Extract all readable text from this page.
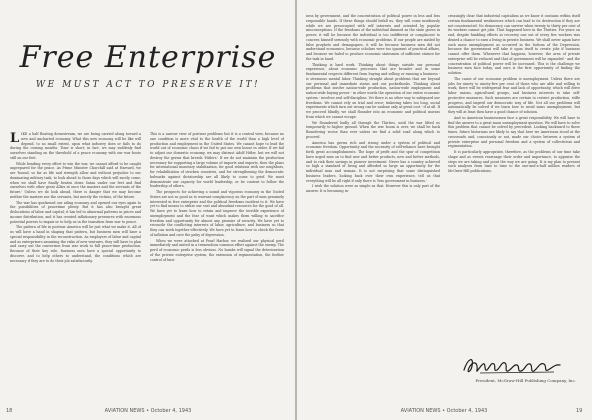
Free Enterprise
WE MUST ACT TO PRESERVE IT!

LIKE a half floating downstream, we are being carried along toward a new and uncharted economy. What this new economy will be like will depend, to no small extent, upon what industry does or fails to do during the coming months. Time is short; in fact, we may suddenly find ourselves standing on the threshold of a peace economy with our war boots still on our feet.

While bending every effort to win the war, we cannot afford to be caught unprepared for the peace. As Prime Minister Churchill said at Harvard, we are 'bound, so far as life and strength allow and without prejudice to our dominating military task, to look ahead to those days which will surely come, when we shall have finally beaten down Satan under our feet and find ourselves with other great Allies at once the masters and the servants of the future.' Unless we do look ahead, there is danger that we may become neither the masters nor the servants, but merely the victims, of the future.

The war has quickened our ailing economy and opened our eyes again to the possibilities of peacetime plenty. But it has also brought great dislocations of labor and capital; it has led to abnormal patterns in prices and income distribution; and it has created inflationary pressures with enormous potential powers to impair or to help us in the transition from war to peace.

The pattern of life in postwar America will be just what we make it. All of us will have a hand in shaping that pattern, but business men will have a special responsibility in the reconstruction. As employers of labor and capital and as enterprisers assuming the risks of new ventures, they will have to plan and carry out the conversion from war work to full peace-time production. Because of their key role, business men have a special opportunity to discover, and to help others to understand, the conditions which are necessary if they are to do their job satisfactorily.

This is a narrow view of postwar problems but it is a central view, because no one condition is more vital to the health of the world than a high level of production and employment in the United States. We cannot hope to lead the world out of economic chaos if we fail to put our own house in order. If we fail to adjust our domestic economy, we may distrust Adolf Hitler, but we will not destroy the germs that breeds 'Hitlers.' If we do not maintain the production necessary for supporting a large volume of imports and exports, then the plans for international monetary stabilization, for good relations with our neighbors, for rehabilitation of stricken countries, and for strengthening the democratic bulwarks against dictatorship are all likely to come to grief. We must demonstrate our capacity for world leadership, or be content to follow the leadership of others.

The prospects for achieving a sound and vigorous economy in the United States are not so good as to warrant complacency on the part of men genuinely interested in free enterprise and the political freedoms incident to it. We have yet to find means to utilize our vast and abundant resources for the good of all. We have yet to learn how to retain and improve the terrible experience of unemployment and the fear of want which makes them willing to sacrifice freedom and opportunity for almost any promise of security. We have yet to reconcile the conflicting interests of labor, agriculture, and business so that they can work together effectively. We have yet to learn how to check the fever of inflation and cure the palsy of depression.

When we were attacked at Pearl Harbor, we realized our physical peril immediately and united in a tremendous common effort against the enemy. The peril of economic perils is less obvious. No bombs will signal the deterioration of the private enterprise system, the extension of regimentation, the further control of busi-

ness by government, and the concentration of political power in less and less responsible hands. If these things should befall us, they will come insidiously while we are preoccupied with self interests and oriented by popular misconceptions. If the freedoms of the individual dimmed as the state grows in power, it will be because the individual is too indifferent or complacent to concern himself seriously with economic problems. If our people are misled by false prophets and demagogues, it will be because business men did not understand economics, because scholars were too ignorant of practical affairs, and because we failed to produce economic statesmen of sufficient stature for the task in hand.

Thinking is hard work. Thinking about things outside our personal experience, about economic processes that are broader and in some fundamental respects different from buying and selling or running a business - is strenuous mental labor. Thinking straight about problems that are beyond our personal and immediate status and our pocketbooks. Thinking about problems that involve nation-wide production, nation-wide employment and nation-wide buying power - in other words the operation of our entire economic system - involves real self-discipline. Yet there is no other way to safeguard our freedoms. We cannot rely on trial and error; tinkering takes too long, social experiments which turn out wrong can be undone only at great cost - if at all. If we proceed blindly, we shall flounder into an economic and political morass from which we cannot escape.

We floundered badly all through the Thirties, until the war lifted us temporarily to higher ground. When the war boom is over, we shall be back floundering worse than ever unless we find a solid road along which to proceed.

America has grown rich and strong under a system of political and economic freedom. Opportunity and the necessity of self-reliance have brought forth great accomplishments. The hope of profit and the spur of competition have urged men on to find new and better products, new and better methods, and to risk their savings in pioneer investment. Never has a country achieved so high a standard of living and afforded so large an opportunity for the individual man and woman. It is not surprising that some distinguished business leaders, looking back over their own experience, tell us that everything will be all right if only there is 'less government in business.'

I wish the solution were as simple as that. However this is only part of the answer. It is becoming in-

creasingly clear that industrial capitalism as we know it contains within itself certain fundamental weaknesses which can lead to its destruction if they are not counteracted. No democracy can survive when twenty to thirty per cent of its workers cannot get jobs. That happened here in the Thirties. For years on end, despite fumbling efforts at recovery one out of every five workers was denied a chance to earn a living in private business. We shall never again have such mass unemployment as occurred in the bottom of the Depression, because the government will take it upon itself to create jobs if business cannot offer them. Whenever that happens, however, the area of private enterprise will be reduced and that of government will be expanded - and the concentration of political power will be increased. This is the challenge we business men face today, and ours is the first opportunity of finding the solution.

The cause of our economic problem is unemployment. Unless there are jobs for ninety to ninety-five per cent of those who are able and willing to work, there will be widespread fear and lack of opportunity, which will drive labor unions, agricultural groups, and business interests to take self-protective measures. Such measures are certain to restrict production, stifle progress, and imperil our democratic way of life. Not all our problems will automatically be solved if we learn how to avoid mass unemployment, but they will at least then have a good chance of solution.

And so American businessmen face a great responsibility. We will have to find the answer to a great mass unemployment question. We will have to solve this problem that cannot be solved by precedent. Looking backward to these times, future historians are likely to say that here we Americans stood at the crossroads and, consciously or not, made our choice between a system of private enterprise and personal freedom and a system of collectivism and regimentation.

It is particularly appropriate, therefore, as the problems of our time take shape and as events rearrange their order and importance, to appraise the steps we are taking and point the way we are going. It is my plan to present such analyses from time to time to the one-and-a-half million readers of McGraw-Hill publications.

President, McGraw-Hill Publishing Company, Inc.
18	AVIATION NEWS • October 4, 1943	AVIATION NEWS • October 4, 1943	19
